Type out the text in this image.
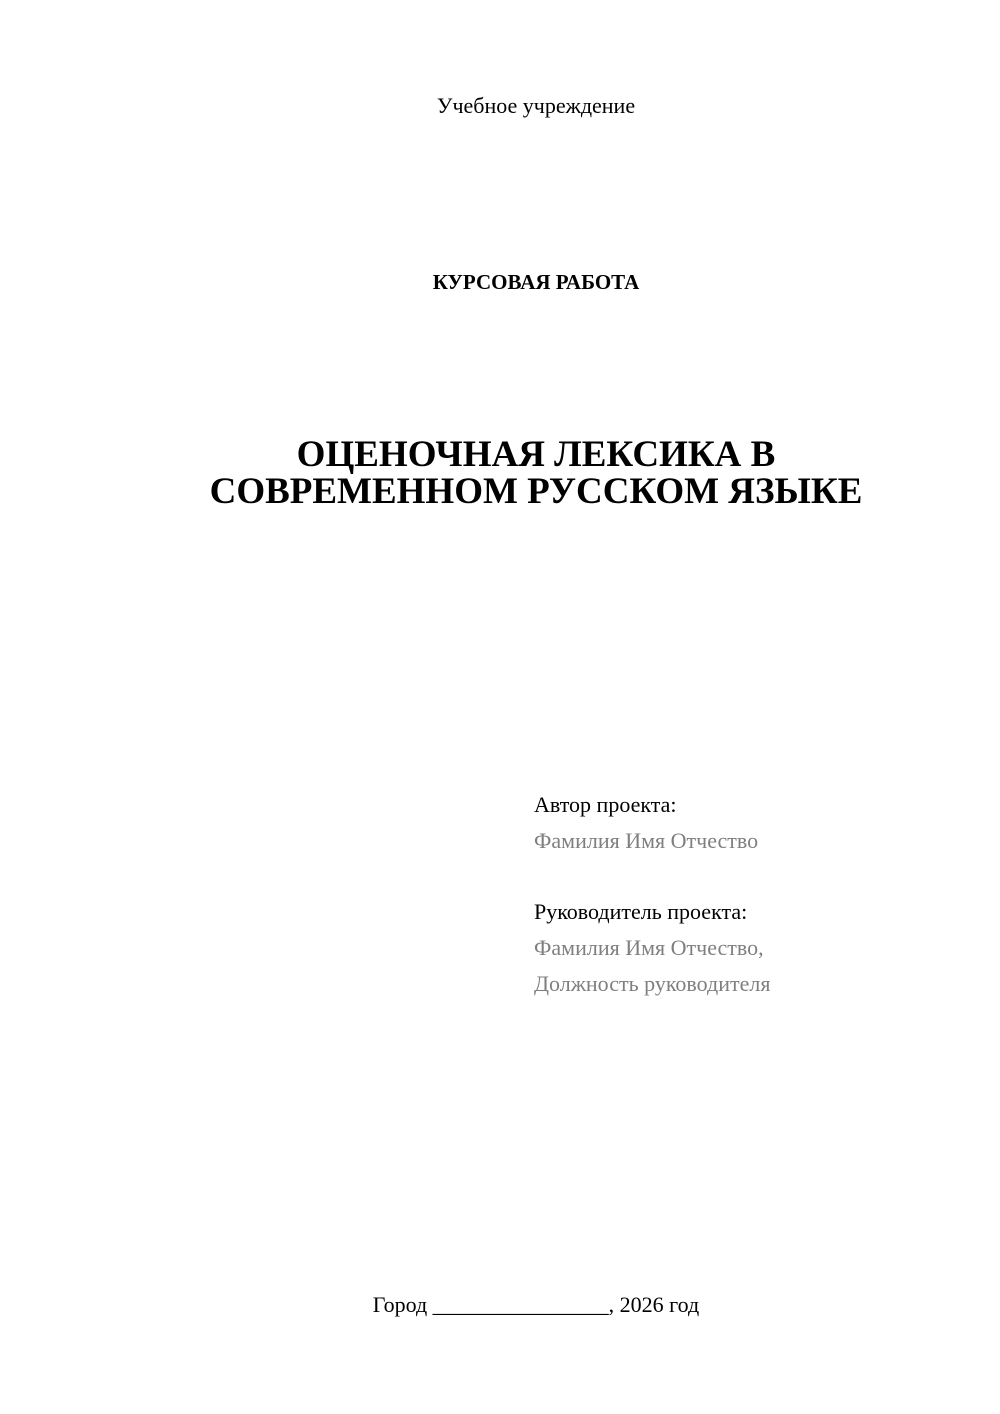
Учебное учреждение
КУРСОВАЯ РАБОТА
ОЦЕНОЧНАЯ ЛЕКСИКА В
СОВРЕМЕННОМ РУССКОМ ЯЗЫКЕ
Автор проекта:
Фамилия Имя Отчество
Руководитель проекта:
Фамилия Имя Отчество,
Должность руководителя
Город ________________, 2026 год
